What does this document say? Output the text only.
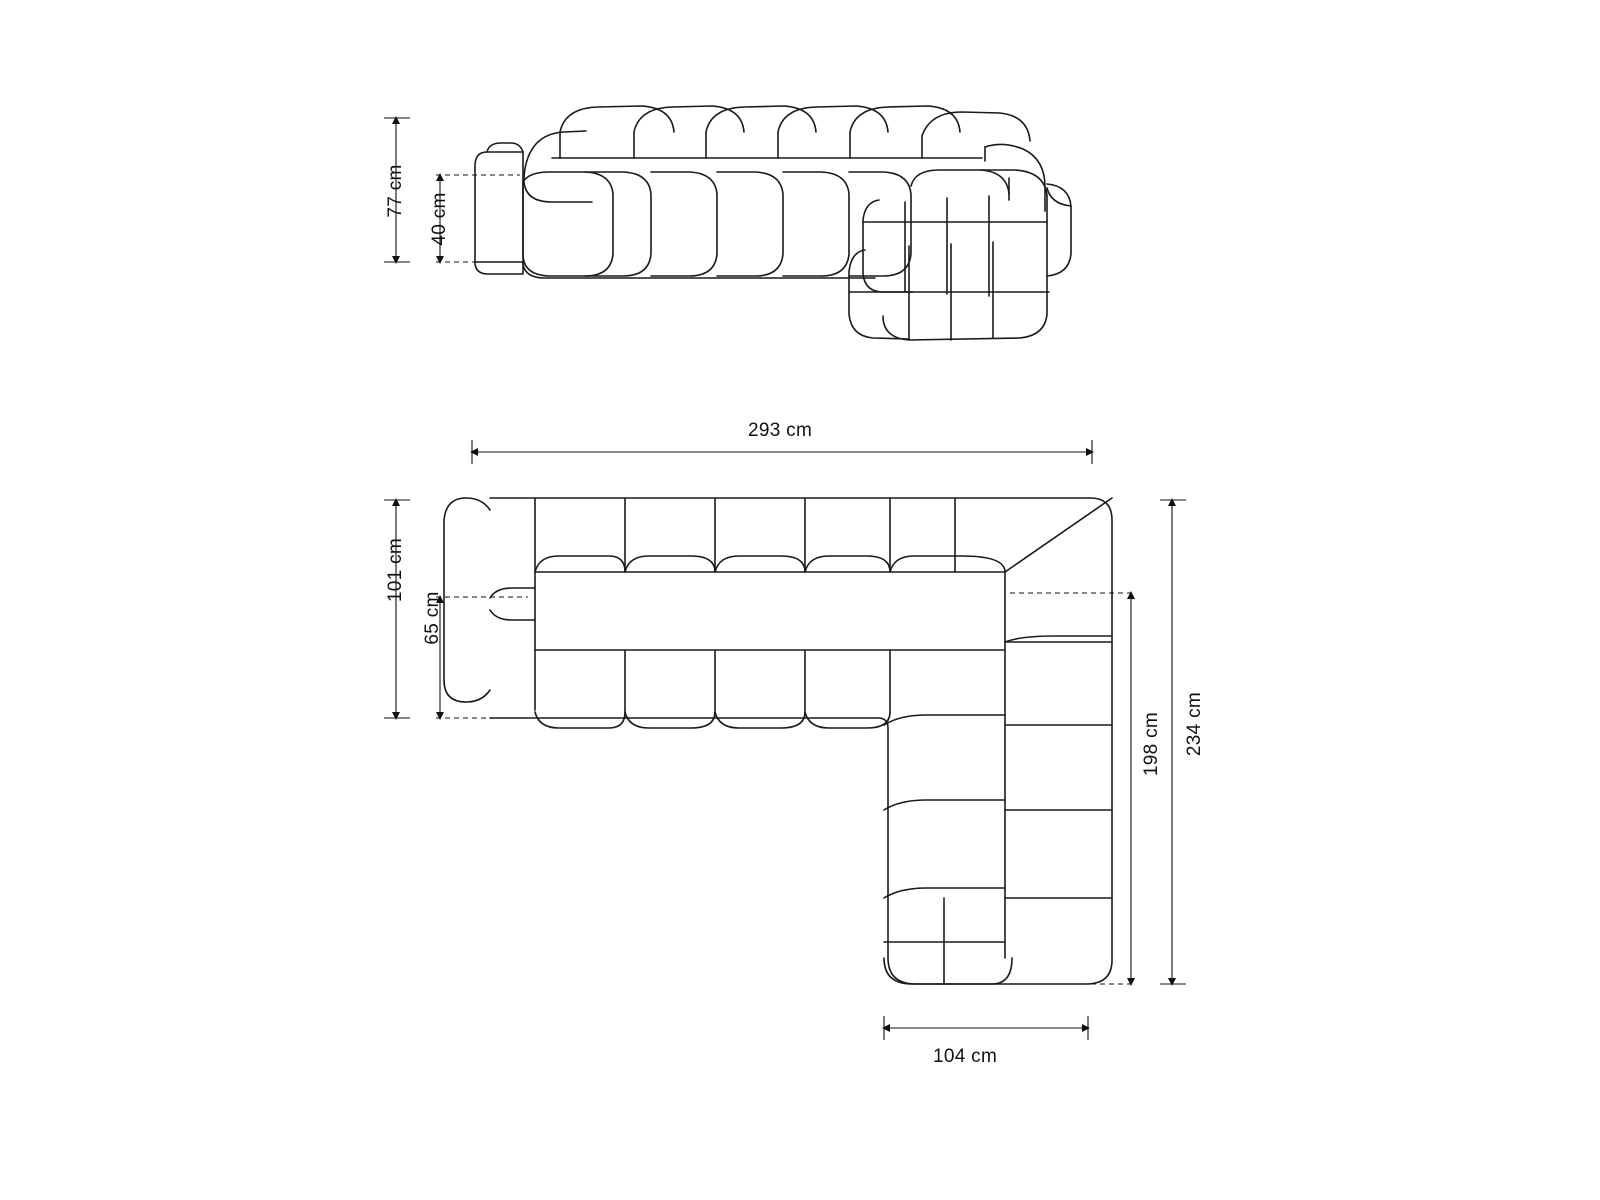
77 cm
40 cm
293 cm
101 cm
65 cm
234 cm
198 cm
104 cm
